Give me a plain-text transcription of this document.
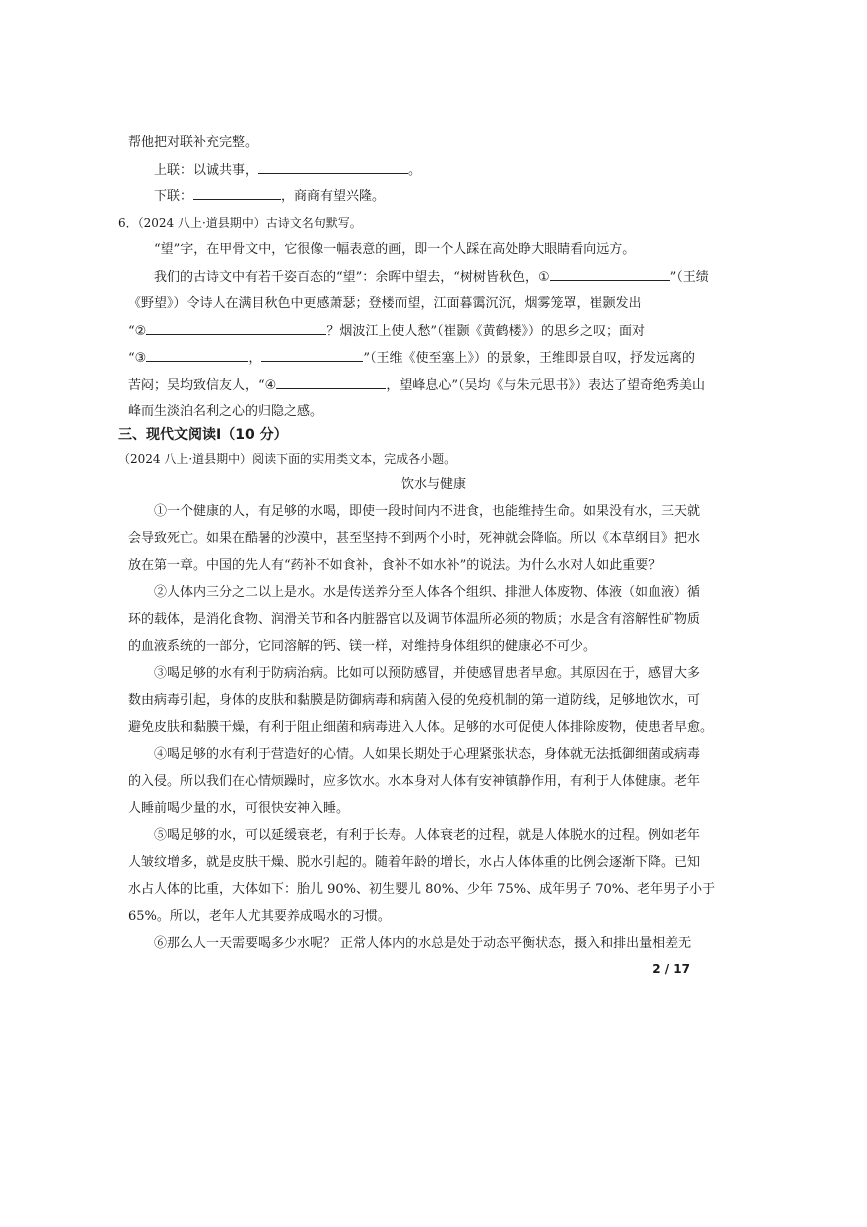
帮他把对联补充完整。
上联：以诚共事，	。
下联：	，商商有望兴隆。
6．（2024 八上·道县期中）古诗文名句默写。
“望”字，在甲骨文中，它很像一幅表意的画，即一个人踩在高处睁大眼睛看向远方。
我们的古诗文中有若千姿百态的“望”：余晖中望去，“树树皆秋色，①	”（王绩
《野望》）令诗人在满目秋色中更感萧瑟；登楼而望，江面暮霭沉沉，烟雾笼罩，崔颢发出
“②	？烟波江上使人愁”（崔颢《黄鹤楼》）的思乡之叹；面对
“③	，	”（王维《使至塞上》）的景象，王维即景自叹，抒发远离的
苦闷；吴均致信友人，“④	，望峰息心”（吴均《与朱元思书》）表达了望奇绝秀美山
峰而生淡泊名利之心的归隐之感。
三、现代文阅读Ⅰ（10 分）
（2024 八上·道县期中）阅读下面的实用类文本，完成各小题。
饮水与健康
①一个健康的人，有足够的水喝，即使一段时间内不进食，也能维持生命。如果没有水，三天就
会导致死亡。如果在酷暑的沙漠中，甚至坚持不到两个小时，死神就会降临。所以《本草纲目》把水
放在第一章。中国的先人有“药补不如食补，食补不如水补”的说法。为什么水对人如此重要？
②人体内三分之二以上是水。水是传送养分至人体各个组织、排泄人体废物、体液（如血液）循
环的载体，是消化食物、润滑关节和各内脏器官以及调节体温所必须的物质；水是含有溶解性矿物质
的血液系统的一部分，它同溶解的钙、镁一样，对维持身体组织的健康必不可少。
③喝足够的水有利于防病治病。比如可以预防感冒，并使感冒患者早愈。其原因在于，感冒大多
数由病毒引起，身体的皮肤和黏膜是防御病毒和病菌入侵的免疫机制的第一道防线，足够地饮水，可
避免皮肤和黏膜干燥，有利于阻止细菌和病毒进入人体。足够的水可促使人体排除废物，使患者早愈。
④喝足够的水有利于营造好的心情。人如果长期处于心理紧张状态，身体就无法抵御细菌或病毒
的入侵。所以我们在心情烦躁时，应多饮水。水本身对人体有安神镇静作用，有利于人体健康。老年
人睡前喝少量的水，可很快安神入睡。
⑤喝足够的水，可以延缓衰老，有利于长寿。人体衰老的过程，就是人体脱水的过程。例如老年
人皱纹增多，就是皮肤干燥、脱水引起的。随着年龄的增长，水占人体体重的比例会逐渐下降。已知
水占人体的比重，大体如下：胎儿 90%、初生婴儿 80%、少年 75%、成年男子 70%、老年男子小于
65%。所以，老年人尤其要养成喝水的习惯。
⑥那么人一天需要喝多少水呢？ 正常人体内的水总是处于动态平衡状态，摄入和排出量相差无
2 / 17
